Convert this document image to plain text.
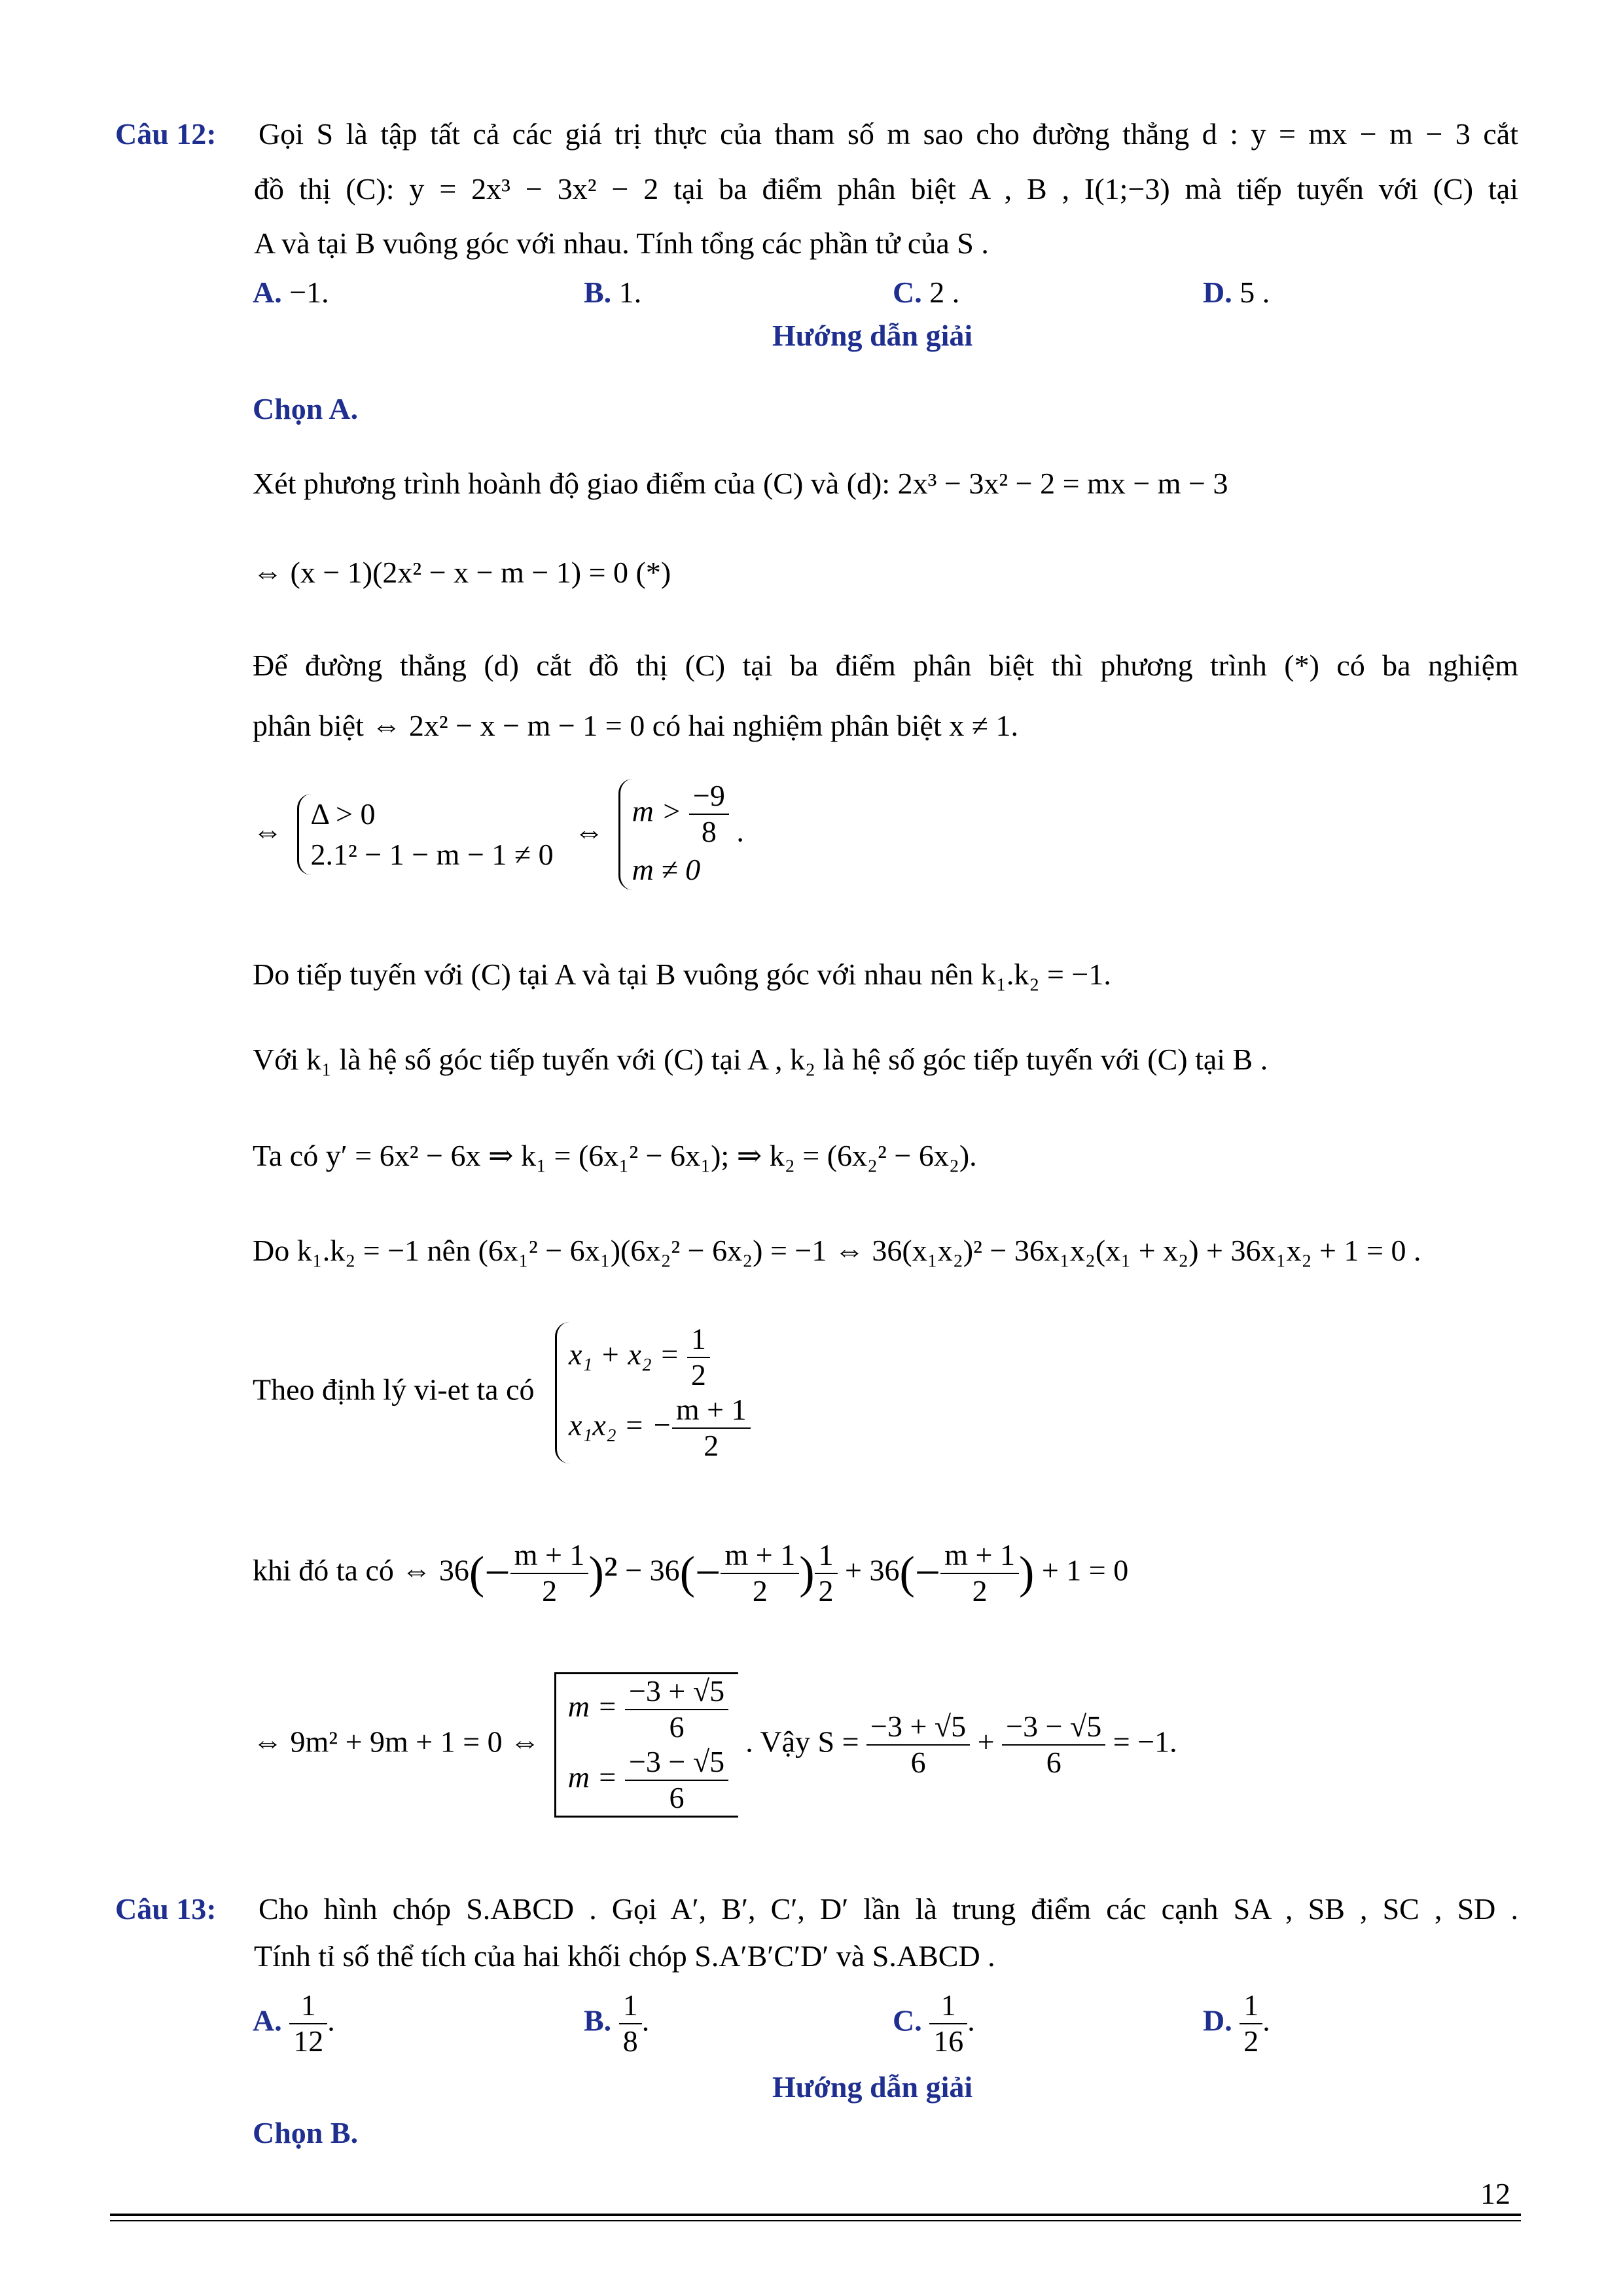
Câu 12: Gọi S là tập tất cả các giá trị thực của tham số m sao cho đường thẳng d : y = mx − m − 3 cắt
đồ thị (C): y = 2x³ − 3x² − 2 tại ba điểm phân biệt A , B , I(1;−3) mà tiếp tuyến với (C) tại
A và tại B vuông góc với nhau. Tính tổng các phần tử của S .
A. −1.	B. 1.	C. 2 .	D. 5 .
Hướng dẫn giải
Chọn A.
Xét phương trình hoành độ giao điểm của (C) và (d): 2x³ − 3x² − 2 = mx − m − 3
⇔ (x − 1)(2x² − x − m − 1) = 0 (*)
Để đường thẳng (d) cắt đồ thị (C) tại ba điểm phân biệt thì phương trình (*) có ba nghiệm
phân biệt ⇔ 2x² − x − m − 1 = 0 có hai nghiệm phân biệt x ≠ 1.
⇔
Δ > 0
2.1² − 1 − m − 1 ≠ 0
⇔
$m > \frac{-9}{8}$
m ≠ 0
.
Do tiếp tuyến với (C) tại A và tại B vuông góc với nhau nên k₁.k₂ = −1.
Với k₁ là hệ số góc tiếp tuyến với (C) tại A , k₂ là hệ số góc tiếp tuyến với (C) tại B .
Ta có y′ = 6x² − 6x ⇒ k₁ = (6x₁² − 6x₁); ⇒ k₂ = (6x₂² − 6x₂).
Do k₁.k₂ = −1 nên (6x₁² − 6x₁)(6x₂² − 6x₂) = −1 ⇔ 36(x₁x₂)² − 36x₁x₂(x₁ + x₂) + 36x₁x₂ + 1 = 0 .
Theo định lý vi-et ta có
$x_1 + x_2 = \frac{1}{2}$
x₁x₂ = − $\frac{m + 1}{2}$
khi đó ta có ⇔ $36(- \frac{m + 1}{2} )^2 - 36(- \frac{m + 1}{2}$ ) $\frac{1}{2} + 36(- \frac{m + 1}{2}$ ) + 1 = 0
⇔ 9m² + 9m + 1 = 0 ⇔
$m = \frac{-3 + √5}{6}$
$m = \frac{-3 - √5}{6}$
. Vậy $S = \frac{-3 + √5}{6} + \frac{-3 - √5}{6} = -1$.
Câu 13: Cho hình chóp S.ABCD . Gọi A′, B′, C′, D′ lần là trung điểm các cạnh SA , SB , SC , SD .
Tính tỉ số thể tích của hai khối chóp S.A′B′C′D′ và S.ABCD .
A. $\frac{1}{12}$ .	B. $\frac{1}{8}$ .	C. $\frac{1}{16}$ .	D. $\frac{1}{2}$ .
Hướng dẫn giải
Chọn B.
12
